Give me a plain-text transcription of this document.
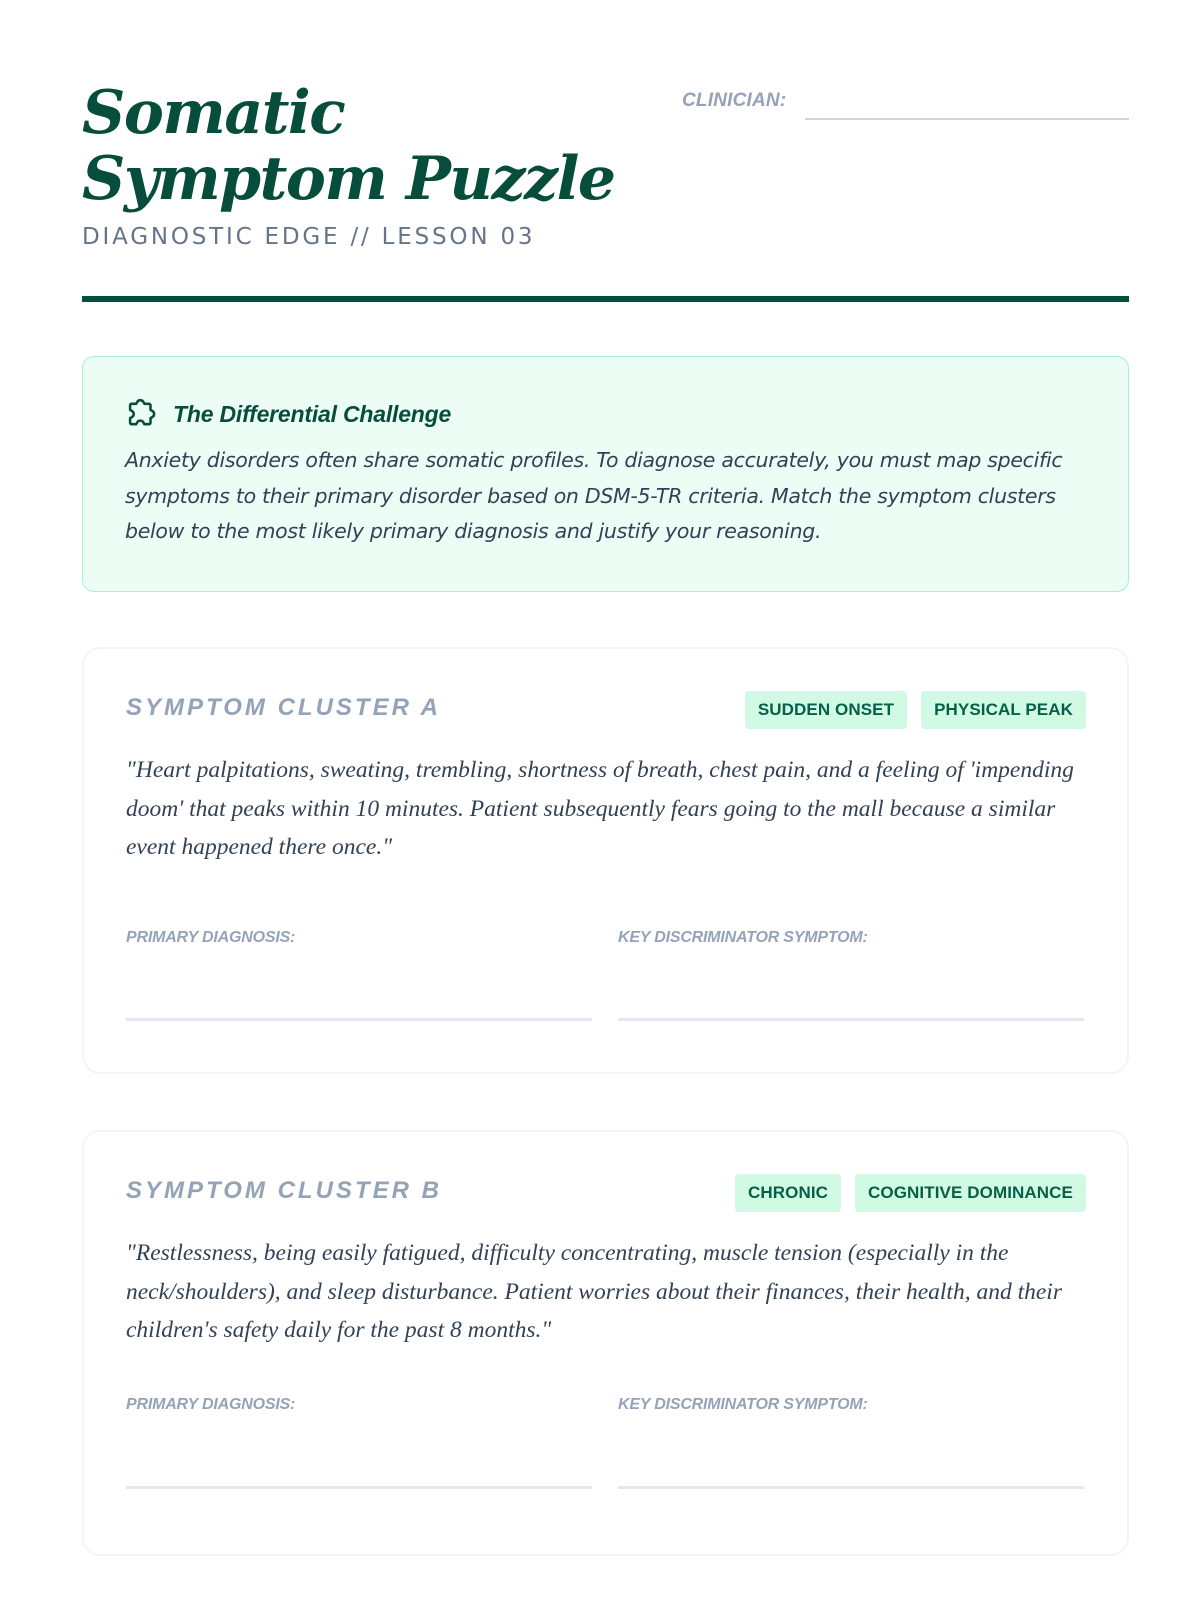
Somatic Symptom Puzzle
DIAGNOSTIC EDGE // LESSON 03
CLINICIAN:
The Differential Challenge

Anxiety disorders often share somatic profiles. To diagnose accurately, you must map specific symptoms to their primary disorder based on DSM-5-TR criteria. Match the symptom clusters below to the most likely primary diagnosis and justify your reasoning.

SYMPTOM CLUSTER A	SUDDEN ONSET	PHYSICAL PEAK

"Heart palpitations, sweating, trembling, shortness of breath, chest pain, and a feeling of 'impending doom' that peaks within 10 minutes. Patient subsequently fears going to the mall because a similar event happened there once."

PRIMARY DIAGNOSIS:	KEY DISCRIMINATOR SYMPTOM:
SYMPTOM CLUSTER B	CHRONIC	COGNITIVE DOMINANCE

"Restlessness, being easily fatigued, difficulty concentrating, muscle tension (especially in the neck/shoulders), and sleep disturbance. Patient worries about their finances, their health, and their children's safety daily for the past 8 months."

PRIMARY DIAGNOSIS:	KEY DISCRIMINATOR SYMPTOM:
